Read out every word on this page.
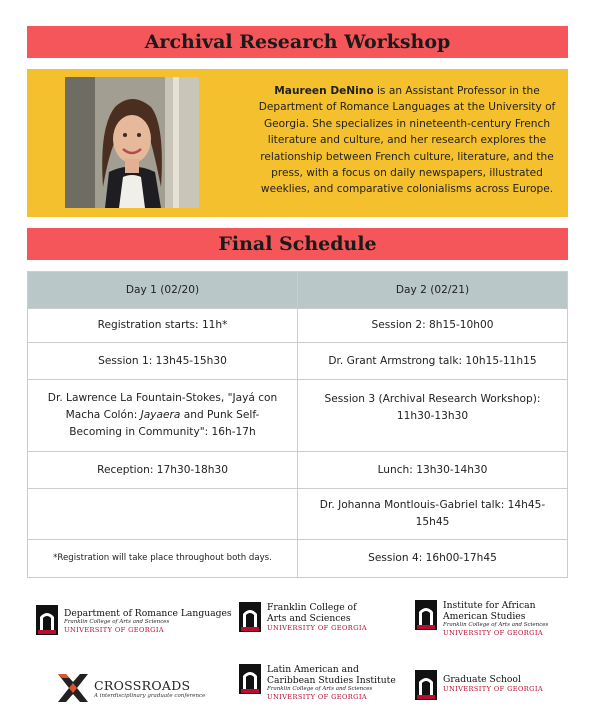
Archival Research Workshop
Maureen DeNino is an Assistant Professor in the Department of Romance Languages at the University of Georgia. She specializes in nineteenth-century French literature and culture, and her research explores the relationship between French culture, literature, and the press, with a focus on daily newspapers, illustrated weeklies, and comparative colonialisms across Europe.
Final Schedule
Day 1 (02/20)	Day 2 (02/21)
Registration starts: 11h*	Session 2: 8h15-10h00
Session 1: 13h45-15h30	Dr. Grant Armstrong talk: 10h15-11h15
Dr. Lawrence La Fountain-Stokes, "Jayá con Macha Colón: Jayaera and Punk Self-Becoming in Community": 16h-17h	Session 3 (Archival Research Workshop): 11h30-13h30
Reception: 17h30-18h30	Lunch: 13h30-14h30
	Dr. Johanna Montlouis-Gabriel talk: 14h45-15h45
*Registration will take place throughout both days.	Session 4: 16h00-17h45
Department of Romance Languages
Franklin College of Arts and Sciences
UNIVERSITY OF GEORGIA
Franklin College of
Arts and Sciences
UNIVERSITY OF GEORGIA
Institute for African
American Studies
Franklin College of Arts and Sciences
UNIVERSITY OF GEORGIA
CROSSROADS
A interdisciplinary graduate conference
Latin American and
Caribbean Studies Institute
Franklin College of Arts and Sciences
UNIVERSITY OF GEORGIA
Graduate School
UNIVERSITY OF GEORGIA
